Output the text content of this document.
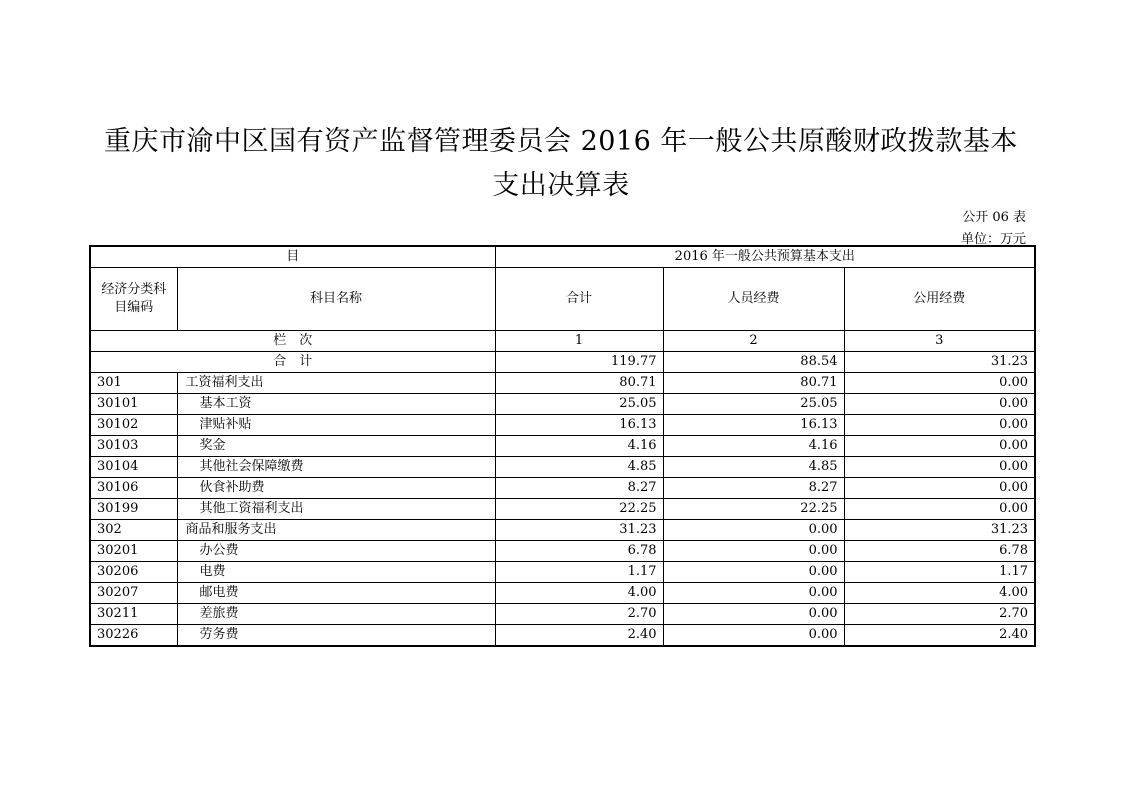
重庆市渝中区国有资产监督管理委员会 2016 年一般公共原酸财政拨款基本
支出决算表
公开 06 表
单位：万元
目		2016 年一般公共预算基本支出		
经济分类科目编码	科目名称	合计	人员经费	公用经费
栏　次		1	2	3
合　计		119.77	88.54	31.23
301	工资福利支出	80.71	80.71	0.00
30101	基本工资	25.05	25.05	0.00
30102	津贴补贴	16.13	16.13	0.00
30103	奖金	4.16	4.16	0.00
30104	其他社会保障缴费	4.85	4.85	0.00
30106	伙食补助费	8.27	8.27	0.00
30199	其他工资福利支出	22.25	22.25	0.00
302	商品和服务支出	31.23	0.00	31.23
30201	办公费	6.78	0.00	6.78
30206	电费	1.17	0.00	1.17
30207	邮电费	4.00	0.00	4.00
30211	差旅费	2.70	0.00	2.70
30226	劳务费	2.40	0.00	2.40
